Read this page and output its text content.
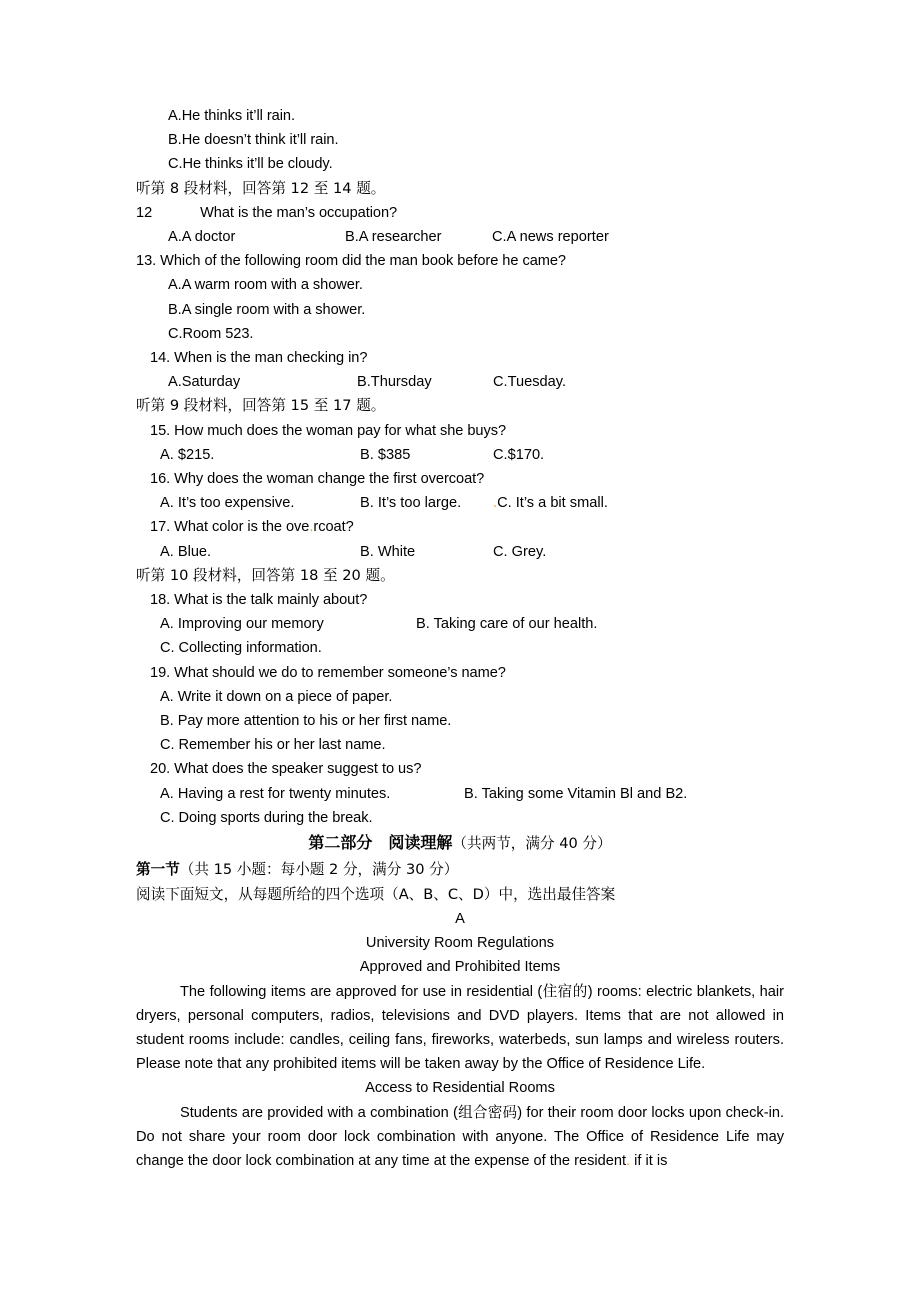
A.He thinks it’ll rain.
B.He doesn’t think it’ll rain.
C.He thinks it’ll be cloudy.
听第 8 段材料，回答第 12 至 14 题。
12			What is the man’s occupation?

A.A doctor

	B.A researcher

	C.A news reporter

13. Which of the following room did the man book before he came?
A.A warm room with a shower.
B.A single room with a shower.
C.Room 523.
14. When is the man checking in?

A.Saturday

	B.Thursday

	C.Tuesday.

听第 9 段材料，回答第 15 至 17 题。
15. How much does the woman pay for what she buys?

A. $215.

	B. $385

	C.$170.

16. Why does the woman change the first overcoat?

A. It’s too expensive.

	B. It’s too large.

.C. It’s a bit small.

17. What color is the ove.rcoat?

A. Blue.

	B. White

	C. Grey.

听第 10 段材料，回答第 18 至 20 题。
18. What is the talk mainly about?

A. Improving our memory

	B. Taking care of our health.

C. Collecting information.
19. What should we do to remember someone’s name?
A. Write it down on a piece of paper.
B. Pay more attention to his or her first name.
C. Remember his or her last name.
20. What does the speaker suggest to us?

A. Having a rest for twenty minutes.

	B. Taking some Vitamin Bl and B2.

C. Doing sports during the break.
第二部分　阅读理解（共两节，满分 40 分）
第一节（共 15 小题：每小题 2 分，满分 30 分）
阅读下面短文，从每题所给的四个选项（A、B、C、D）中，选出最佳答案
A
University Room Regulations
Approved and Prohibited Items

The following items are approved for use in residential (住宿的) rooms: electric blankets, hair dryers, personal computers, radios, televisions and DVD players. Items that are not allowed in student rooms include: candles, ceiling fans, fireworks, waterbeds, sun lamps and wireless routers. Please note that any prohibited items will be taken away by the Office of Residence Life.

Access to Residential Rooms

Students are provided with a combination (组合密码) for their room door locks upon check-in. Do not share your room door lock combination with anyone. The Office of Residence Life may change the door lock combination at any time at the expense of the resident. if it is
